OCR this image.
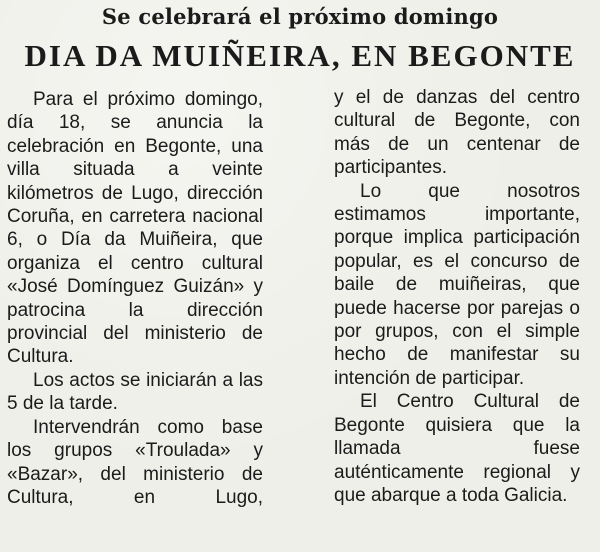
Se celebrará el próximo domingo
DIA DA MUIÑEIRA, EN BEGONTE

Para el próximo domingo, día 18, se anuncia la celebración en Begonte, una villa situada a veinte kilómetros de Lugo, dirección Coruña, en carretera nacional 6, o Día da Muiñeira, que organiza el centro cultural «José Domínguez Guizán» y patrocina la dirección provincial del ministerio de Cultura.

Los actos se iniciarán a las 5 de la tarde.

Intervendrán como base los grupos «Troulada» y «Bazar», del ministerio de Cultura, en Lugo,

y el de danzas del centro cultural de Begonte, con más de un centenar de participantes.

Lo que nosotros estimamos importante, porque implica participación popular, es el concurso de baile de muiñeiras, que puede hacerse por parejas o por grupos, con el simple hecho de manifestar su intención de participar.

El Centro Cultural de Begonte quisiera que la llamada fuese auténticamente regional y que abarque a toda Galicia.
